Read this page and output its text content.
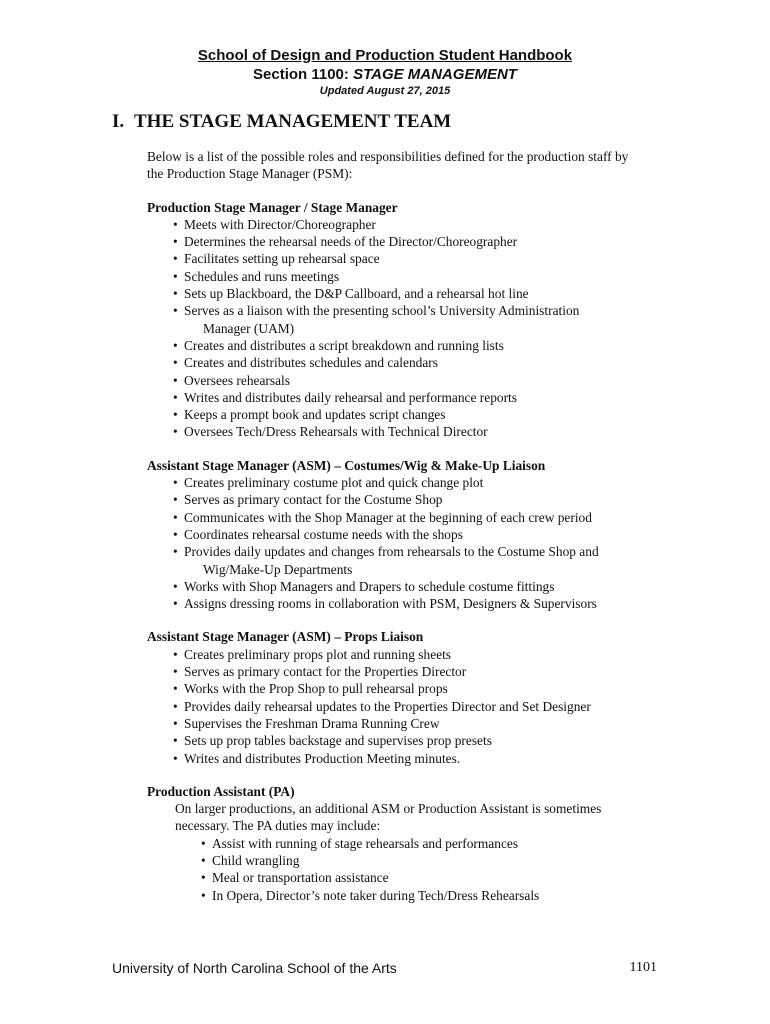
School of Design and Production Student Handbook
Section 1100: STAGE MANAGEMENT
Updated August 27, 2015
I. THE STAGE MANAGEMENT TEAM
Below is a list of the possible roles and responsibilities defined for the production staff by
the Production Stage Manager (PSM):
Production Stage Manager / Stage Manager
• Meets with Director/Choreographer
• Determines the rehearsal needs of the Director/Choreographer
• Facilitates setting up rehearsal space
• Schedules and runs meetings
• Sets up Blackboard, the D&P Callboard, and a rehearsal hot line
• Serves as a liaison with the presenting school’s University Administration
Manager (UAM)
• Creates and distributes a script breakdown and running lists
• Creates and distributes schedules and calendars
• Oversees rehearsals
• Writes and distributes daily rehearsal and performance reports
• Keeps a prompt book and updates script changes
• Oversees Tech/Dress Rehearsals with Technical Director
Assistant Stage Manager (ASM) – Costumes/Wig & Make-Up Liaison
• Creates preliminary costume plot and quick change plot
• Serves as primary contact for the Costume Shop
• Communicates with the Shop Manager at the beginning of each crew period
• Coordinates rehearsal costume needs with the shops
• Provides daily updates and changes from rehearsals to the Costume Shop and
Wig/Make-Up Departments
• Works with Shop Managers and Drapers to schedule costume fittings
• Assigns dressing rooms in collaboration with PSM, Designers & Supervisors
Assistant Stage Manager (ASM) – Props Liaison
• Creates preliminary props plot and running sheets
• Serves as primary contact for the Properties Director
• Works with the Prop Shop to pull rehearsal props
• Provides daily rehearsal updates to the Properties Director and Set Designer
• Supervises the Freshman Drama Running Crew
• Sets up prop tables backstage and supervises prop presets
• Writes and distributes Production Meeting minutes.
Production Assistant (PA)
On larger productions, an additional ASM or Production Assistant is sometimes
necessary. The PA duties may include:
• Assist with running of stage rehearsals and performances
• Child wrangling
• Meal or transportation assistance
• In Opera, Director’s note taker during Tech/Dress Rehearsals
University of North Carolina School of the Arts	1101
